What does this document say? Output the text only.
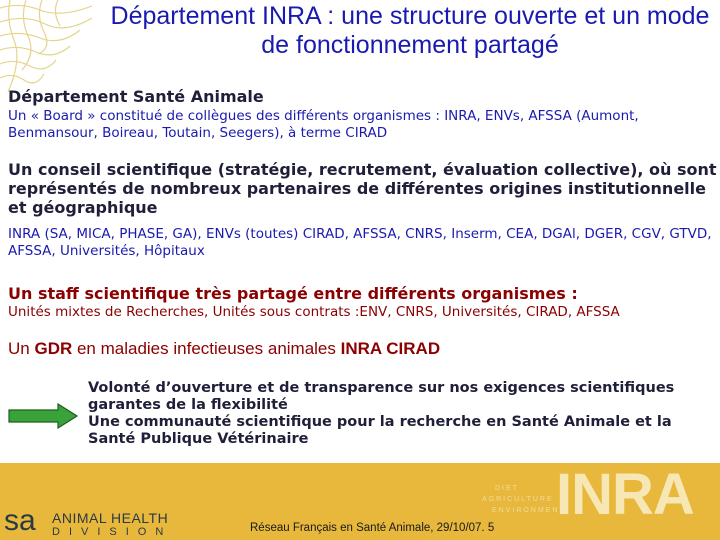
Département INRA : une structure ouverte et un mode de fonctionnement partagé
Département Santé Animale
Un « Board » constitué de collègues des différents organismes : INRA, ENVs, AFSSA (Aumont, Benmansour, Boireau, Toutain, Seegers), à terme CIRAD
Un conseil scientifique (stratégie, recrutement, évaluation collective), où sont représentés de nombreux partenaires de différentes origines institutionnelle et géographique
INRA (SA, MICA, PHASE, GA), ENVs (toutes) CIRAD, AFSSA, CNRS, Inserm, CEA, DGAl, DGER, CGV, GTVD, AFSSA, Universités, Hôpitaux
Un staff scientifique très partagé entre différents organismes :
Unités mixtes de Recherches, Unités sous contrats :ENV, CNRS, Universités, CIRAD, AFSSA
Un GDR en maladies infectieuses animales INRA CIRAD
Volonté d’ouverture et de transparence sur nos exigences scientifiques
garantes de la flexibilité
Une communauté scientifique pour la recherche en Santé Animale et la Santé Publique Vétérinaire
sa ANIMAL HEALTH
DIVISION	Réseau Français en Santé Animale, 29/10/07. 5
DIET
AGRICULTURE
ENVIRONMENT
INRA
